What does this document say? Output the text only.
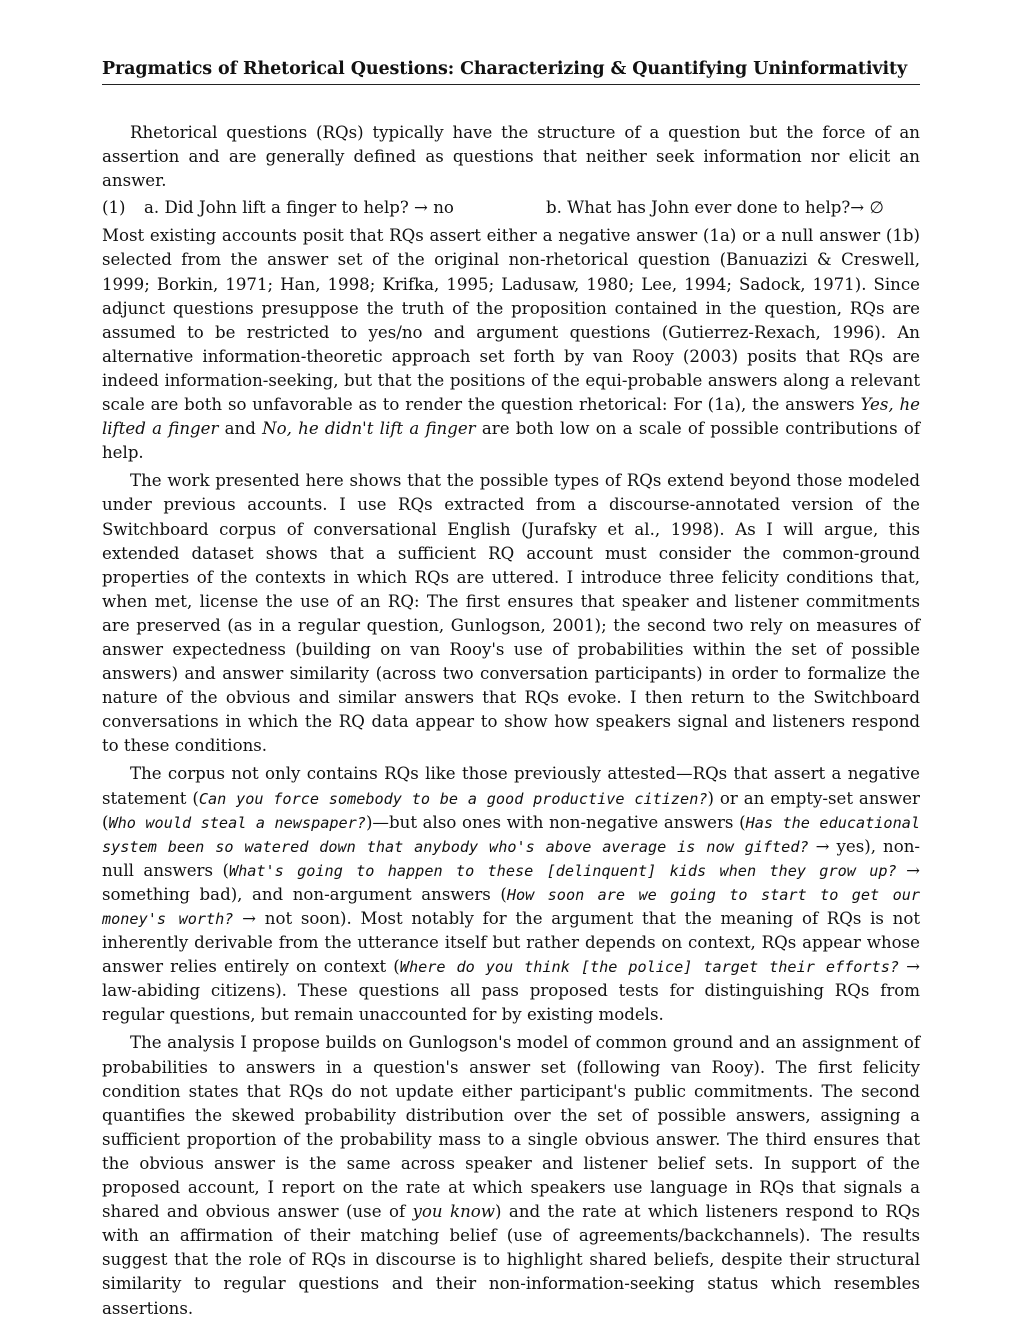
Pragmatics of Rhetorical Questions: Characterizing & Quantifying Uninformativity

Rhetorical questions (RQs) typically have the structure of a question but the force of an assertion and are generally defined as questions that neither seek information nor elicit an answer.

(1)	a. Did John lift a finger to help? → no	b. What has John ever done to help?→ ∅

Most existing accounts posit that RQs assert either a negative answer (1a) or a null answer (1b) selected from the answer set of the original non-rhetorical question (Banuazizi & Creswell, 1999; Borkin, 1971; Han, 1998; Krifka, 1995; Ladusaw, 1980; Lee, 1994; Sadock, 1971). Since adjunct questions presuppose the truth of the proposition contained in the question, RQs are assumed to be restricted to yes/no and argument questions (Gutierrez-Rexach, 1996). An alternative information-theoretic approach set forth by van Rooy (2003) posits that RQs are indeed information-seeking, but that the positions of the equi-probable answers along a relevant scale are both so unfavorable as to render the question rhetorical: For (1a), the answers Yes, he lifted a finger and No, he didn't lift a finger are both low on a scale of possible contributions of help.

The work presented here shows that the possible types of RQs extend beyond those modeled under previous accounts. I use RQs extracted from a discourse-annotated version of the Switchboard corpus of conversational English (Jurafsky et al., 1998). As I will argue, this extended dataset shows that a sufficient RQ account must consider the common-ground properties of the contexts in which RQs are uttered. I introduce three felicity conditions that, when met, license the use of an RQ: The first ensures that speaker and listener commitments are preserved (as in a regular question, Gunlogson, 2001); the second two rely on measures of answer expectedness (building on van Rooy's use of probabilities within the set of possible answers) and answer similarity (across two conversation participants) in order to formalize the nature of the obvious and similar answers that RQs evoke. I then return to the Switchboard conversations in which the RQ data appear to show how speakers signal and listeners respond to these conditions.

The corpus not only contains RQs like those previously attested—RQs that assert a negative statement (Can you force somebody to be a good productive citizen?) or an empty-set answer (Who would steal a newspaper?)—but also ones with non-negative answers (Has the educational system been so watered down that anybody who's above average is now gifted? → yes), non-null answers (What's going to happen to these [delinquent] kids when they grow up? → something bad), and non-argument answers (How soon are we going to start to get our money's worth? → not soon). Most notably for the argument that the meaning of RQs is not inherently derivable from the utterance itself but rather depends on context, RQs appear whose answer relies entirely on context (Where do you think [the police] target their efforts? → law-abiding citizens). These questions all pass proposed tests for distinguishing RQs from regular questions, but remain unaccounted for by existing models.

The analysis I propose builds on Gunlogson's model of common ground and an assignment of probabilities to answers in a question's answer set (following van Rooy). The first felicity condition states that RQs do not update either participant's public commitments. The second quantifies the skewed probability distribution over the set of possible answers, assigning a sufficient proportion of the probability mass to a single obvious answer. The third ensures that the obvious answer is the same across speaker and listener belief sets. In support of the proposed account, I report on the rate at which speakers use language in RQs that signals a shared and obvious answer (use of you know) and the rate at which listeners respond to RQs with an affirmation of their matching belief (use of agreements/backchannels). The results suggest that the role of RQs in discourse is to highlight shared beliefs, despite their structural similarity to regular questions and their non-information-seeking status which resembles assertions.
